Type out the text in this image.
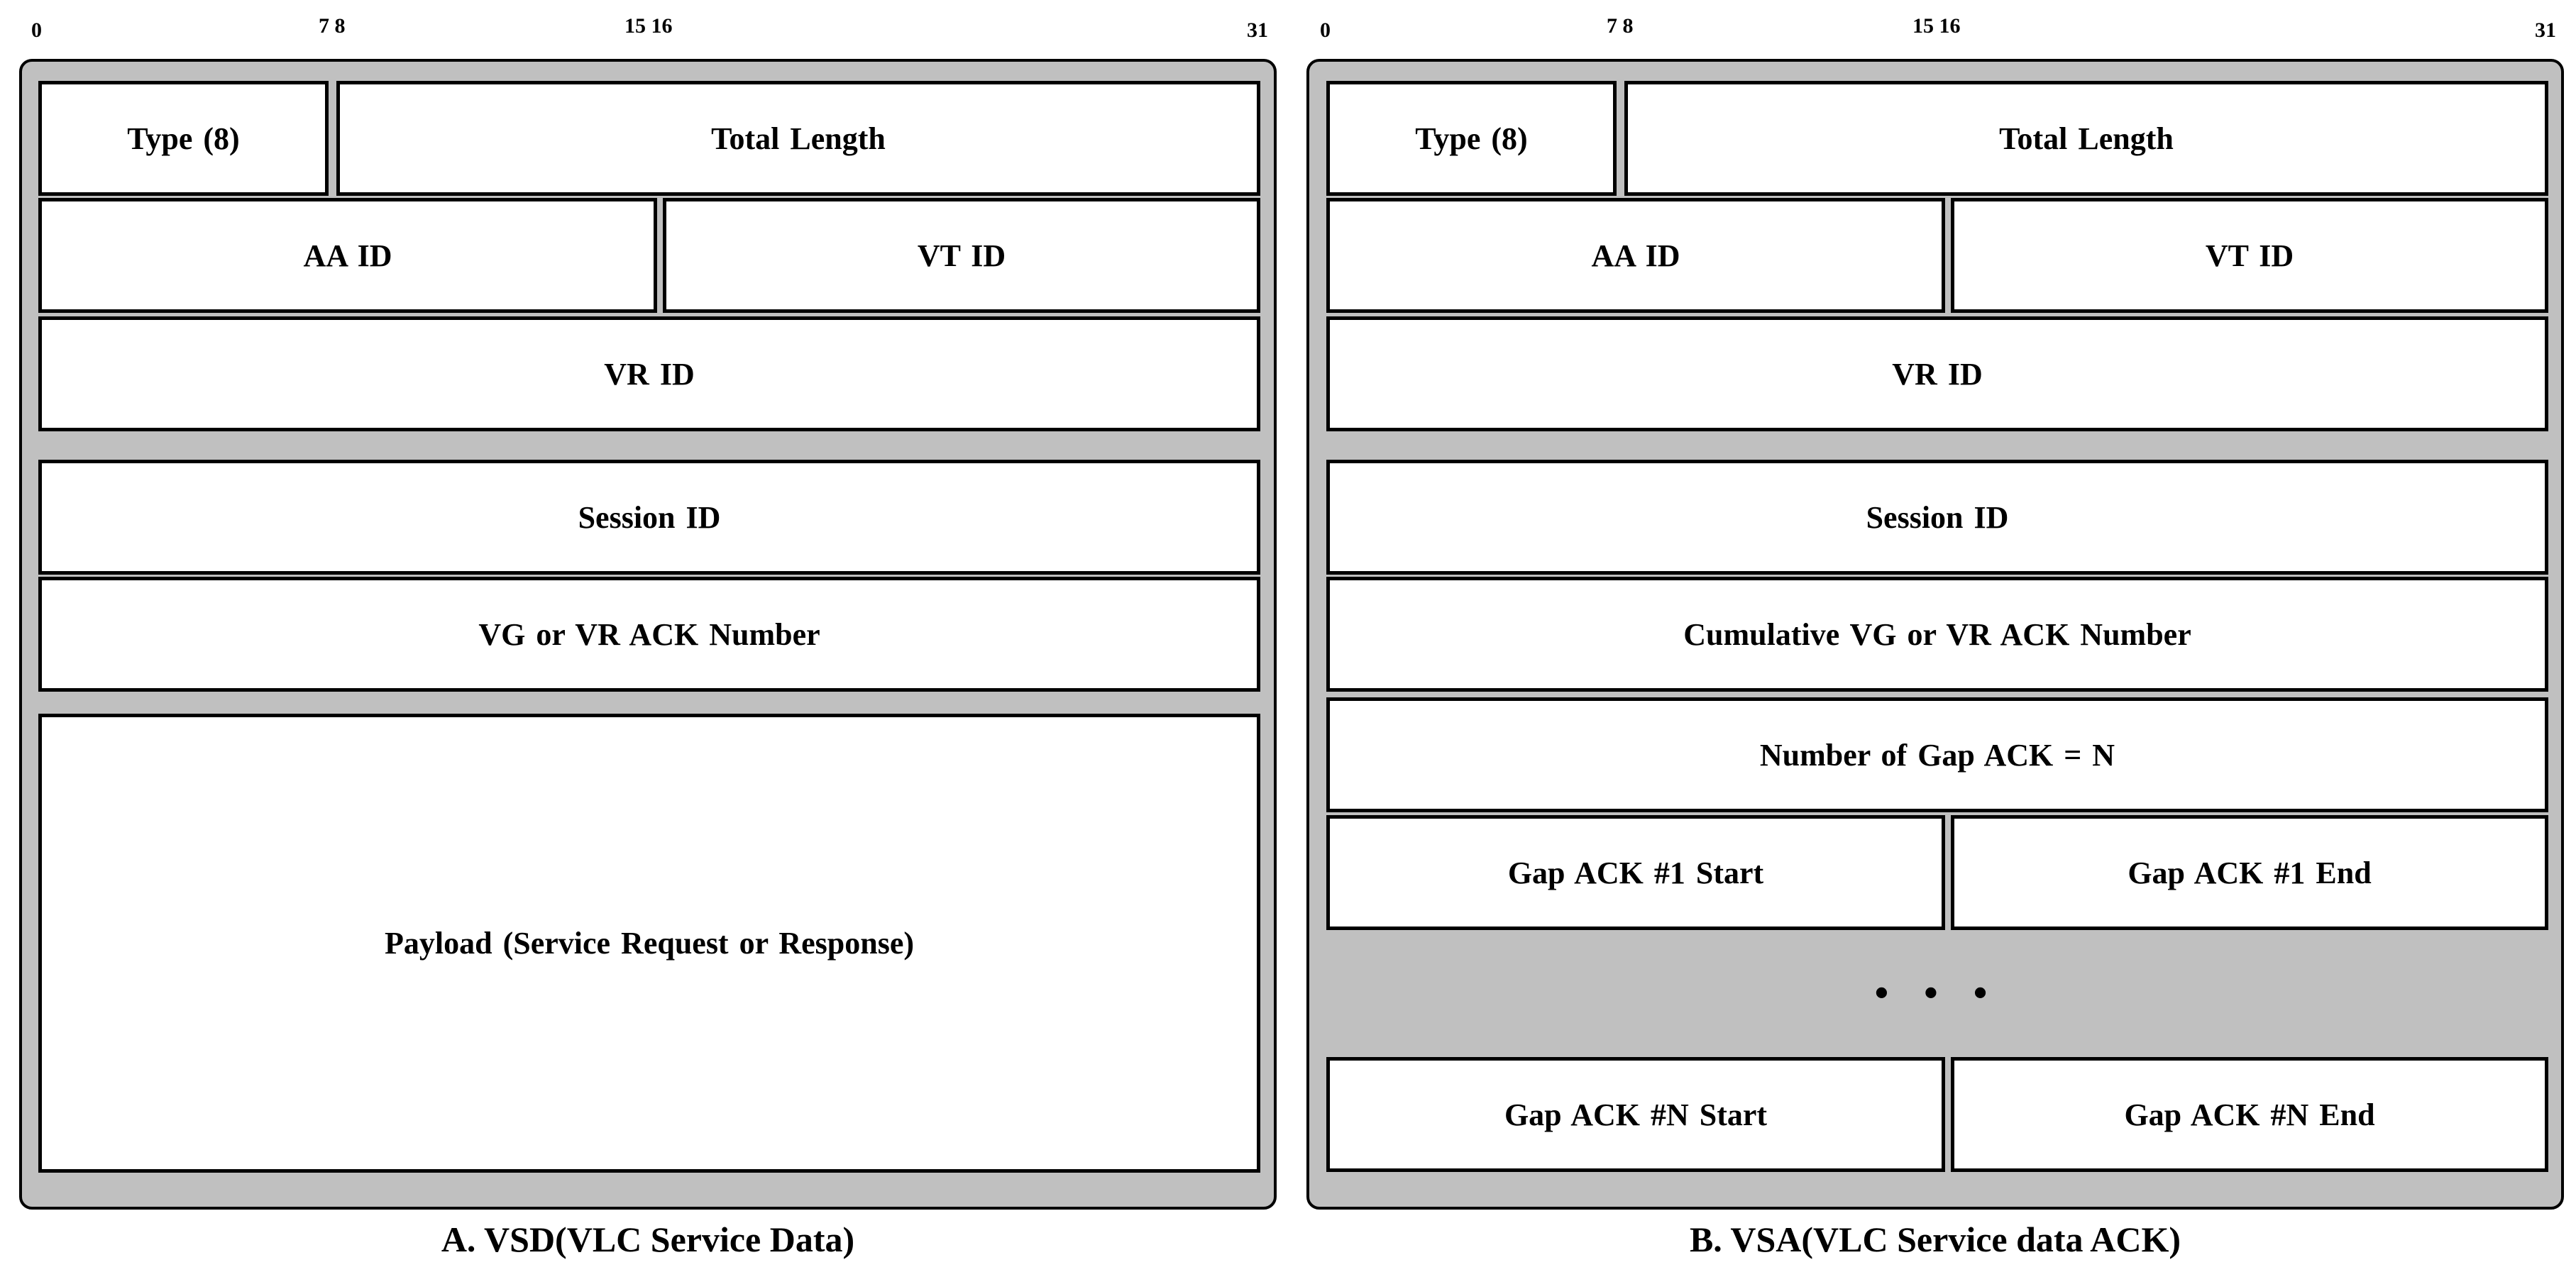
0	7 8	15 16	31 0	7 8	15 16	31
Type (8)	Total Length
AA ID	VT ID
VR ID
Session ID
VG or VR ACK Number
Payload (Service Request or Response)
A. VSD(VLC Service Data)
Type (8)	Total Length
AA ID	VT ID
VR ID
Session ID
Cumulative VG or VR ACK Number
Number of Gap ACK = N
Gap ACK #1 Start	Gap ACK #1 End
• • •
Gap ACK #N Start	Gap ACK #N End
B. VSA(VLC Service data ACK)
